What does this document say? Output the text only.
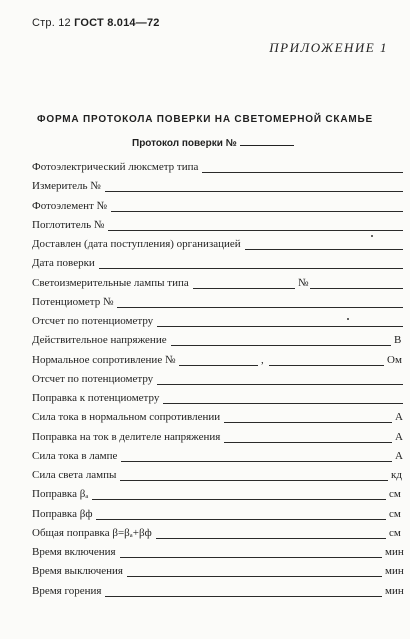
Стр. 12 ГОСТ 8.014—72
ПРИЛОЖЕНИЕ 1
ФОРМА ПРОТОКОЛА ПОВЕРКИ НА СВЕТОМЕРНОЙ СКАМЬЕ
Протокол поверки №
Фотоэлектрический люксметр типа
Измеритель №
Фотоэлемент №
Поглотитель №
Доставлен (дата поступления) организацией
Дата поверки
Светоизмерительные лампы типа	№
Потенциометр №
Отсчет по потенциометру
Действительное напряжение	В
Нормальное сопротивление №	,	Ом
Отсчет по потенциометру
Поправка к потенциометру
Сила тока в нормальном сопротивлении	А
Поправка на ток в делителе напряжения	А
Сила тока в лампе	А
Сила света лампы	кд
Поправка βₐ	см
Поправка βф	см
Общая поправка β=βₐ+βф	см
Время включения	мин
Время выключения	мин
Время горения	мин
